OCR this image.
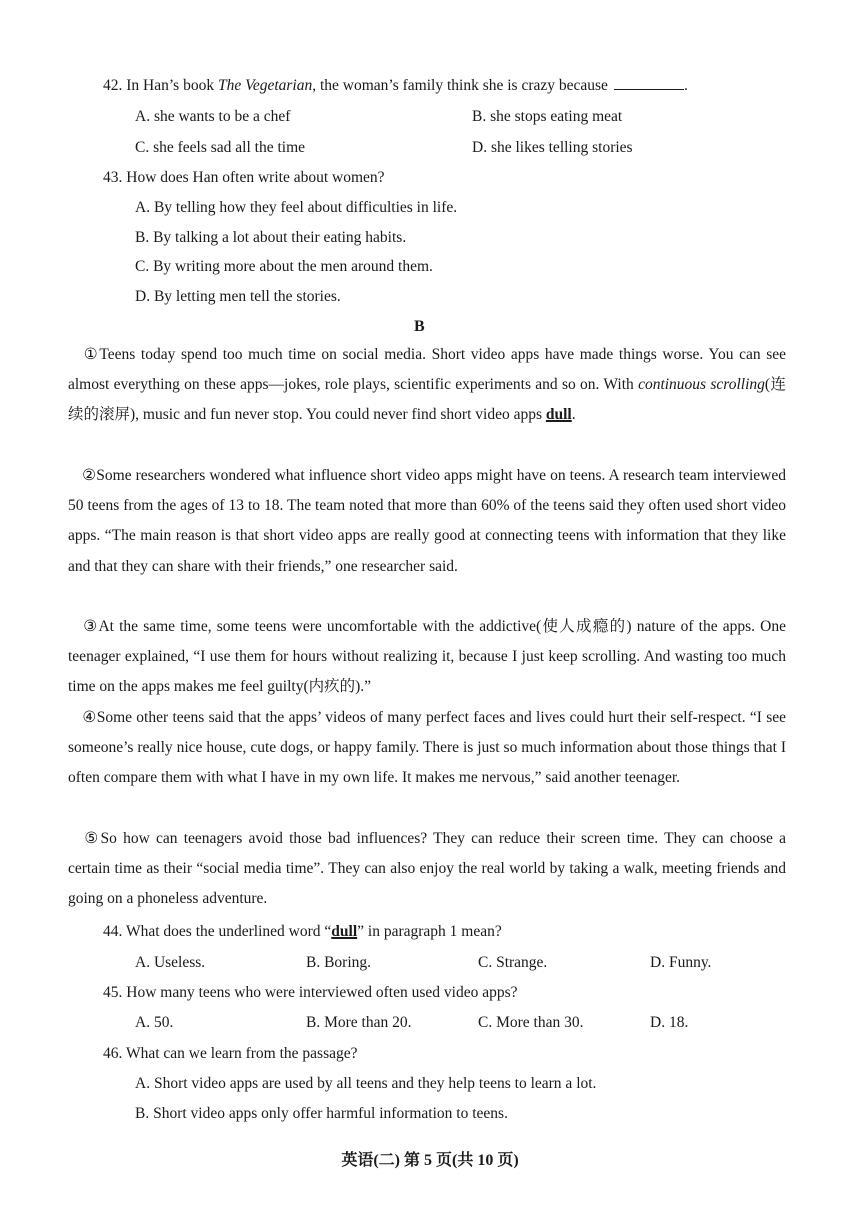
42. In Han’s book The Vegetarian, the woman’s family think she is crazy because	.
A. she wants to be a chef	B. she stops eating meat
C. she feels sad all the time	D. she likes telling stories
43. How does Han often write about women?
A. By telling how they feel about difficulties in life.
B. By talking a lot about their eating habits.
C. By writing more about the men around them.
D. By letting men tell the stories.
B

①Teens today spend too much time on social media. Short video apps have made things worse. You can see almost everything on these apps—jokes, role plays, scientific experiments and so on. With continuous scrolling(连续的滚屏), music and fun never stop. You could never find short video apps dull.

②Some researchers wondered what influence short video apps might have on teens. A research team interviewed 50 teens from the ages of 13 to 18. The team noted that more than 60% of the teens said they often used short video apps. “The main reason is that short video apps are really good at connecting teens with information that they like and that they can share with their friends,” one researcher said.

③At the same time, some teens were uncomfortable with the addictive(使人成瘾的) nature of the apps. One teenager explained, “I use them for hours without realizing it, because I just keep scrolling. And wasting too much time on the apps makes me feel guilty(内疚的).”

④Some other teens said that the apps’ videos of many perfect faces and lives could hurt their self-respect. “I see someone’s really nice house, cute dogs, or happy family. There is just so much information about those things that I often compare them with what I have in my own life. It makes me nervous,” said another teenager.

⑤So how can teenagers avoid those bad influences? They can reduce their screen time. They can choose a certain time as their “social media time”. They can also enjoy the real world by taking a walk, meeting friends and going on a phoneless adventure.

44. What does the underlined word “dull” in paragraph 1 mean?
A. Useless.	B. Boring.	C. Strange.	D. Funny.
45. How many teens who were interviewed often used video apps?
A. 50.	B. More than 20.	C. More than 30.	D. 18.
46. What can we learn from the passage?
A. Short video apps are used by all teens and they help teens to learn a lot.
B. Short video apps only offer harmful information to teens.
英语(二) 第 5 页(共 10 页)
